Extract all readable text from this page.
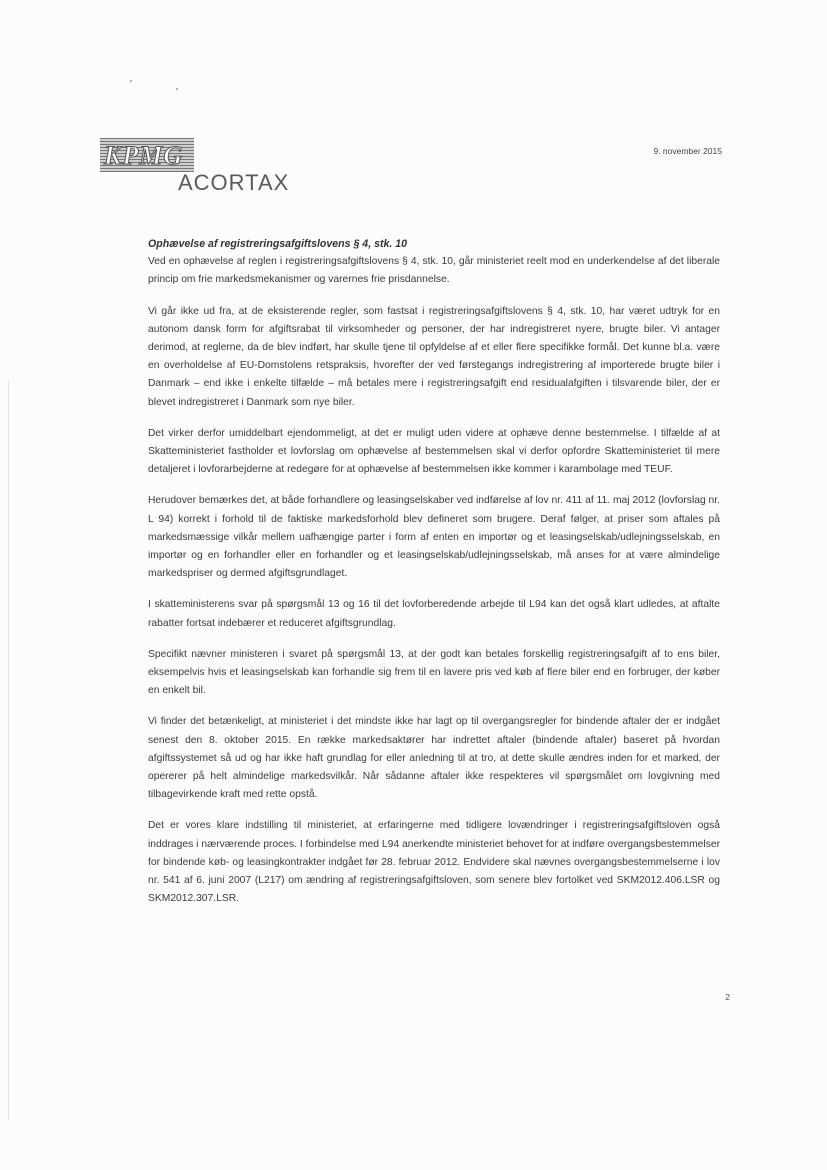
KPMG
ACORTAX
9. november 2015

Ophævelse af registreringsafgiftslovens § 4, stk. 10

Ved en ophævelse af reglen i registreringsafgiftslovens § 4, stk. 10, går ministeriet reelt mod en underkendelse af det liberale princip om frie markedsmekanismer og varernes frie prisdannelse.

Vi går ikke ud fra, at de eksisterende regler, som fastsat i registreringsafgiftslovens § 4, stk. 10, har været udtryk for en autonom dansk form for afgiftsrabat til virksomheder og personer, der har indregistreret nyere, brugte biler. Vi antager derimod, at reglerne, da de blev indført, har skulle tjene til opfyldelse af et eller flere specifikke formål. Det kunne bl.a. være en overholdelse af EU-Domstolens retspraksis, hvorefter der ved førstegangs indregistrering af importerede brugte biler i Danmark – end ikke i enkelte tilfælde – må betales mere i registreringsafgift end residualafgiften i tilsvarende biler, der er blevet indregistreret i Danmark som nye biler.

Det virker derfor umiddelbart ejendommeligt, at det er muligt uden videre at ophæve denne bestemmelse. I tilfælde af at Skatteministeriet fastholder et lovforslag om ophævelse af bestemmelsen skal vi derfor opfordre Skatteministeriet til mere detaljeret i lovforarbejderne at redegøre for at ophævelse af bestemmelsen ikke kommer i karambolage med TEUF.

Herudover bemærkes det, at både forhandlere og leasingselskaber ved indførelse af lov nr. 411 af 11. maj 2012 (lovforslag nr. L 94) korrekt i forhold til de faktiske markedsforhold blev defineret som brugere. Deraf følger, at priser som aftales på markedsmæssige vilkår mellem uafhængige parter i form af enten en importør og et leasingselskab/udlejningsselskab, en importør og en forhandler eller en forhandler og et leasingselskab/udlejningsselskab, må anses for at være almindelige markedspriser og dermed afgiftsgrundlaget.

I skatteministerens svar på spørgsmål 13 og 16 til det lovforberedende arbejde til L94 kan det også klart udledes, at aftalte rabatter fortsat indebærer et reduceret afgiftsgrundlag.

Specifikt nævner ministeren i svaret på spørgsmål 13, at der godt kan betales forskellig registreringsafgift af to ens biler, eksempelvis hvis et leasingselskab kan forhandle sig frem til en lavere pris ved køb af flere biler end en forbruger, der køber en enkelt bil.

Vi finder det betænkeligt, at ministeriet i det mindste ikke har lagt op til overgangsregler for bindende aftaler der er indgået senest den 8. oktober 2015. En række markedsaktører har indrettet aftaler (bindende aftaler) baseret på hvordan afgiftssystemet så ud og har ikke haft grundlag for eller anledning til at tro, at dette skulle ændres inden for et marked, der opererer på helt almindelige markedsvilkår. Når sådanne aftaler ikke respekteres vil spørgsmålet om lovgivning med tilbagevirkende kraft med rette opstå.

Det er vores klare indstilling til ministeriet, at erfaringerne med tidligere lovændringer i registreringsafgiftsloven også inddrages i nærværende proces. I forbindelse med L94 anerkendte ministeriet behovet for at indføre overgangsbestemmelser for bindende køb- og leasingkontrakter indgået før 28. februar 2012. Endvidere skal nævnes overgangsbestemmelserne i lov nr. 541 af 6. juni 2007 (L217) om ændring af registreringsafgiftsloven, som senere blev fortolket ved SKM2012.406.LSR og SKM2012.307.LSR.

2
